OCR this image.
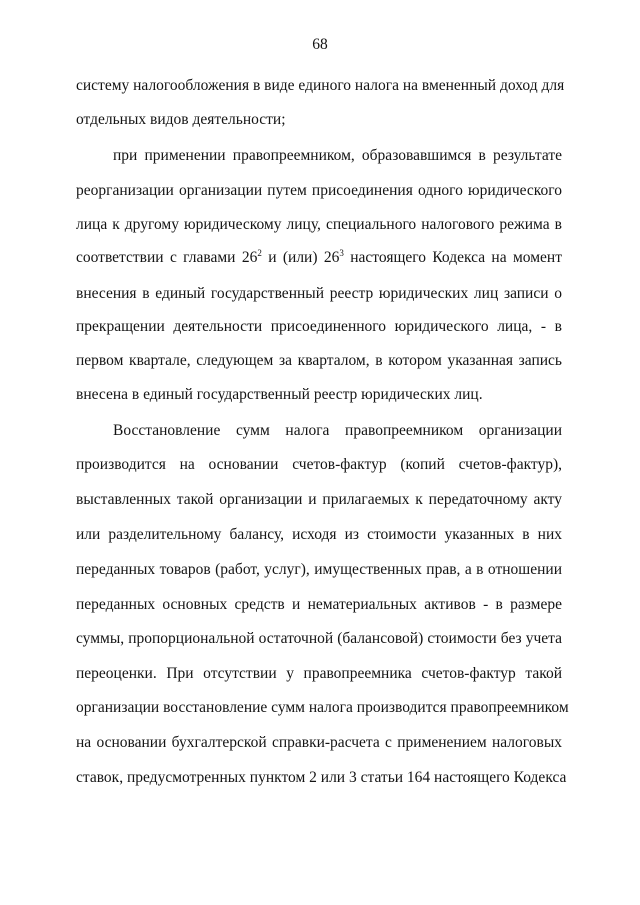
68
систему налогообложения в виде единого налога на вмененный доход для
отдельных видов деятельности;
при применении правопреемником, образовавшимся в результате
реорганизации организации путем присоединения одного юридического
лица к другому юридическому лицу, специального налогового режима в
соответствии с главами $26^2$ и (или) $26^3$ настоящего Кодекса на момент
внесения в единый государственный реестр юридических лиц записи о
прекращении деятельности присоединенного юридического лица, - в
первом квартале, следующем за кварталом, в котором указанная запись
внесена в единый государственный реестр юридических лиц.
Восстановление сумм налога правопреемником организации
производится на основании счетов-фактур (копий счетов-фактур),
выставленных такой организации и прилагаемых к передаточному акту
или разделительному балансу, исходя из стоимости указанных в них
переданных товаров (работ, услуг), имущественных прав, а в отношении
переданных основных средств и нематериальных активов - в размере
суммы, пропорциональной остаточной (балансовой) стоимости без учета
переоценки. При отсутствии у правопреемника счетов-фактур такой
организации восстановление сумм налога производится правопреемником
на основании бухгалтерской справки-расчета с применением налоговых
ставок, предусмотренных пунктом 2 или 3 статьи 164 настоящего Кодекса
